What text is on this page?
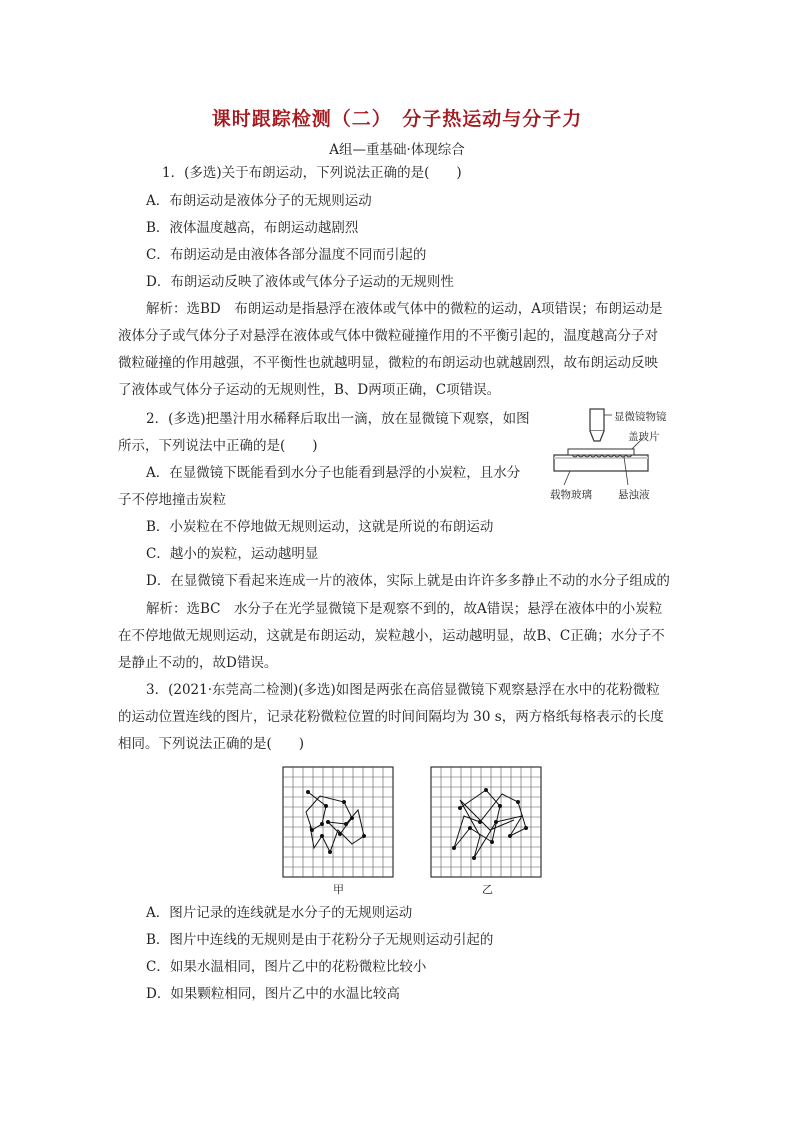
课时跟踪检测（二）　分子热运动与分子力
A组—重基础·体现综合
1．(多选)关于布朗运动，下列说法正确的是(　　)
A．布朗运动是液体分子的无规则运动
B．液体温度越高，布朗运动越剧烈
C．布朗运动是由液体各部分温度不同而引起的
D．布朗运动反映了液体或气体分子运动的无规则性
解析：选BD　布朗运动是指悬浮在液体或气体中的微粒的运动，A项错误；布朗运动是
液体分子或气体分子对悬浮在液体或气体中微粒碰撞作用的不平衡引起的，温度越高分子对
微粒碰撞的作用越强，不平衡性也就越明显，微粒的布朗运动也就越剧烈，故布朗运动反映
了液体或气体分子运动的无规则性，B、D两项正确，C项错误。
2．(多选)把墨汁用水稀释后取出一滴，放在显微镜下观察，如图
所示，下列说法中正确的是(　　)
A．在显微镜下既能看到水分子也能看到悬浮的小炭粒，且水分
子不停地撞击炭粒
B．小炭粒在不停地做无规则运动，这就是所说的布朗运动
C．越小的炭粒，运动越明显
D．在显微镜下看起来连成一片的液体，实际上就是由许许多多静止不动的水分子组成的
解析：选BC　水分子在光学显微镜下是观察不到的，故A错误；悬浮在液体中的小炭粒
在不停地做无规则运动，这就是布朗运动，炭粒越小，运动越明显，故B、C正确；水分子不
是静止不动的，故D错误。
显微镜物镜
盖玻片
载物玻璃 悬浊液
3．(2021·东莞高二检测)(多选)如图是两张在高倍显微镜下观察悬浮在水中的花粉微粒
的运动位置连线的图片，记录花粉微粒位置的时间间隔均为 30 s，两方格纸每格表示的长度
相同。下列说法正确的是(　　)
甲	乙
A．图片记录的连线就是水分子的无规则运动
B．图片中连线的无规则是由于花粉分子无规则运动引起的
C．如果水温相同，图片乙中的花粉微粒比较小
D．如果颗粒相同，图片乙中的水温比较高
